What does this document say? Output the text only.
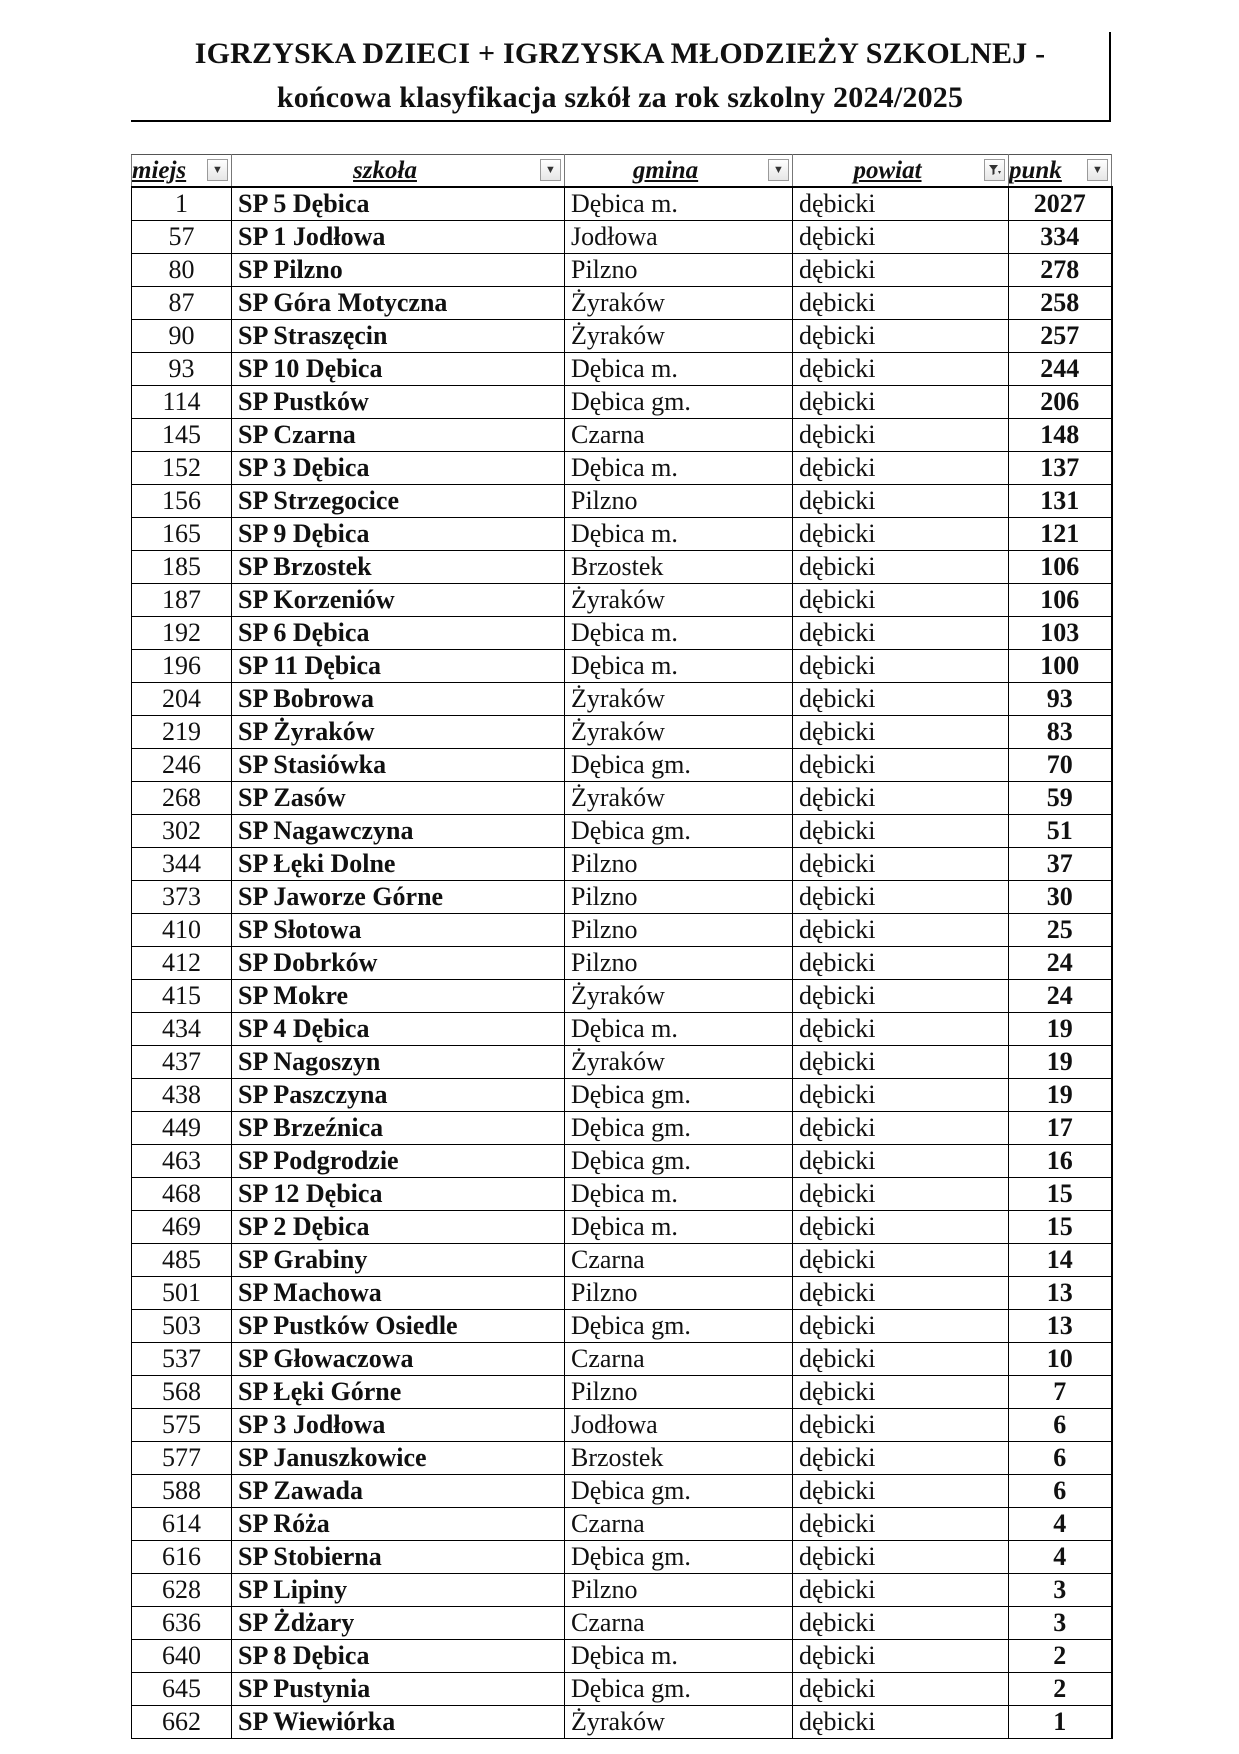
IGRZYSKA DZIECI + IGRZYSKA MŁODZIEŻY SZKOLNEJ -
końcowa klasyfikacja szkół za rok szkolny 2024/2025
miejs ▼	szkoła ▼	gmina ▼	powiat	punk ▼

1	SP 5 Dębica	Dębica m.	dębicki	2027
57	SP 1 Jodłowa	Jodłowa	dębicki	334
80	SP Pilzno	Pilzno	dębicki	278
87	SP Góra Motyczna	Żyraków	dębicki	258
90	SP Straszęcin	Żyraków	dębicki	257
93	SP 10 Dębica	Dębica m.	dębicki	244
114	SP Pustków	Dębica gm.	dębicki	206
145	SP Czarna	Czarna	dębicki	148
152	SP 3 Dębica	Dębica m.	dębicki	137
156	SP Strzegocice	Pilzno	dębicki	131
165	SP 9 Dębica	Dębica m.	dębicki	121
185	SP Brzostek	Brzostek	dębicki	106
187	SP Korzeniów	Żyraków	dębicki	106
192	SP 6 Dębica	Dębica m.	dębicki	103
196	SP 11 Dębica	Dębica m.	dębicki	100
204	SP Bobrowa	Żyraków	dębicki	93
219	SP Żyraków	Żyraków	dębicki	83
246	SP Stasiówka	Dębica gm.	dębicki	70
268	SP Zasów	Żyraków	dębicki	59
302	SP Nagawczyna	Dębica gm.	dębicki	51
344	SP Łęki Dolne	Pilzno	dębicki	37
373	SP Jaworze Górne	Pilzno	dębicki	30
410	SP Słotowa	Pilzno	dębicki	25
412	SP Dobrków	Pilzno	dębicki	24
415	SP Mokre	Żyraków	dębicki	24
434	SP 4 Dębica	Dębica m.	dębicki	19
437	SP Nagoszyn	Żyraków	dębicki	19
438	SP Paszczyna	Dębica gm.	dębicki	19
449	SP Brzeźnica	Dębica gm.	dębicki	17
463	SP Podgrodzie	Dębica gm.	dębicki	16
468	SP 12 Dębica	Dębica m.	dębicki	15
469	SP 2 Dębica	Dębica m.	dębicki	15
485	SP Grabiny	Czarna	dębicki	14
501	SP Machowa	Pilzno	dębicki	13
503	SP Pustków Osiedle	Dębica gm.	dębicki	13
537	SP Głowaczowa	Czarna	dębicki	10
568	SP Łęki Górne	Pilzno	dębicki	7
575	SP 3 Jodłowa	Jodłowa	dębicki	6
577	SP Januszkowice	Brzostek	dębicki	6
588	SP Zawada	Dębica gm.	dębicki	6
614	SP Róża	Czarna	dębicki	4
616	SP Stobierna	Dębica gm.	dębicki	4
628	SP Lipiny	Pilzno	dębicki	3
636	SP Żdżary	Czarna	dębicki	3
640	SP 8 Dębica	Dębica m.	dębicki	2
645	SP Pustynia	Dębica gm.	dębicki	2
662	SP Wiewiórka	Żyraków	dębicki	1
